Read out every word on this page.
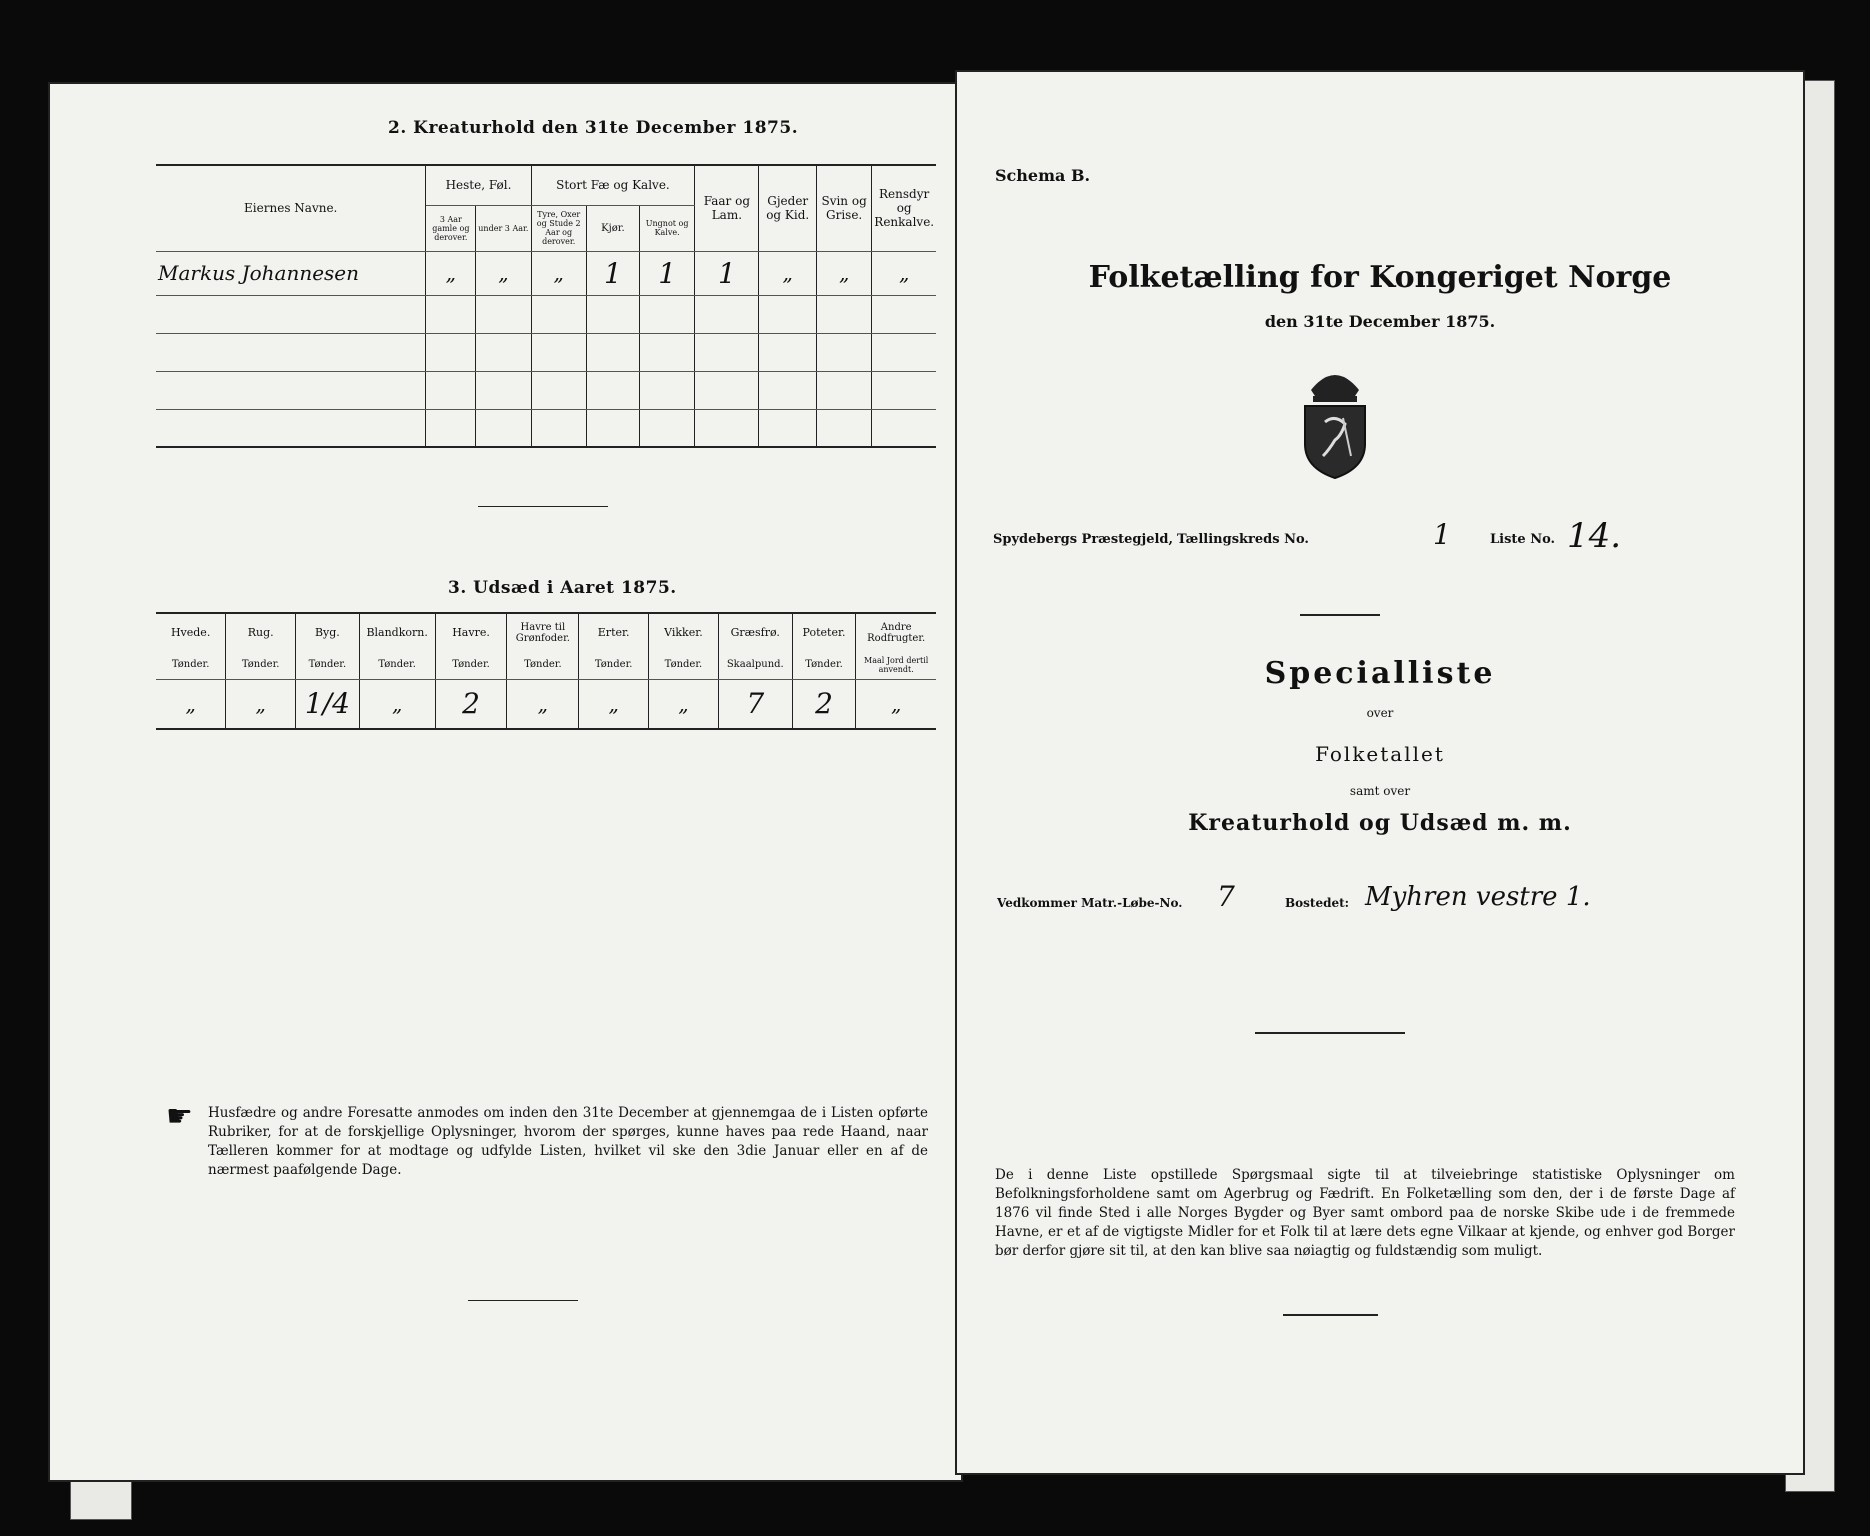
2. Kreaturhold den 31te December 1875.
Eiernes Navne.	Heste, Føl.		Stort Fæ og Kalve.			Faar og Lam.	Gjeder og Kid.	Svin og Grise.	Rensdyr og Renkalve.
	3 Aar gamle og derover.	under 3 Aar.	Tyre, Oxer og Stude 2 Aar og derover.	Kjør.	Ungnot og Kalve.				
Markus Johannesen	„	„	„	1	1	1	„	„	„

3. Udsæd i Aaret 1875.
Hvede.	Rug.	Byg.	Blandkorn.	Havre.	Havre til Grønfoder.	Erter.	Vikker.	Græsfrø.	Poteter.	Andre Rodfrugter.
Tønder.	Tønder.	Tønder.	Tønder.	Tønder.	Tønder.	Tønder.	Tønder.	Skaalpund.	Tønder.	Maal Jord dertil anvendt.
„	„	1/4	„	2	„	„	„	7	2	„
☛ Husfædre og andre Foresatte anmodes om inden den 31te December at gjennemgaa de i Listen opførte Rubriker, for at de forskjellige Oplysninger, hvorom der spørges, kunne haves paa rede Haand, naar Tælleren kommer for at modtage og udfylde Listen, hvilket vil ske den 3die Januar eller en af de nærmest paafølgende Dage.
Schema B.
Folketælling for Kongeriget Norge
den 31te December 1875.
Spydebergs Præstegjeld, Tællingskreds No.	1	Liste No. 14.
Specialliste
over
Folketallet
samt over
Kreaturhold og Udsæd m. m.
Vedkommer Matr.-Løbe-No. 7	Bostedet: Myhren vestre 1.
De i denne Liste opstillede Spørgsmaal sigte til at tilveiebringe statistiske Oplysninger om Befolkningsforholdene samt om Agerbrug og Fædrift. En Folketælling som den, der i de første Dage af 1876 vil finde Sted i alle Norges Bygder og Byer samt ombord paa de norske Skibe ude i de fremmede Havne, er et af de vigtigste Midler for et Folk til at lære dets egne Vilkaar at kjende, og enhver god Borger bør derfor gjøre sit til, at den kan blive saa nøiagtig og fuldstændig som muligt.
